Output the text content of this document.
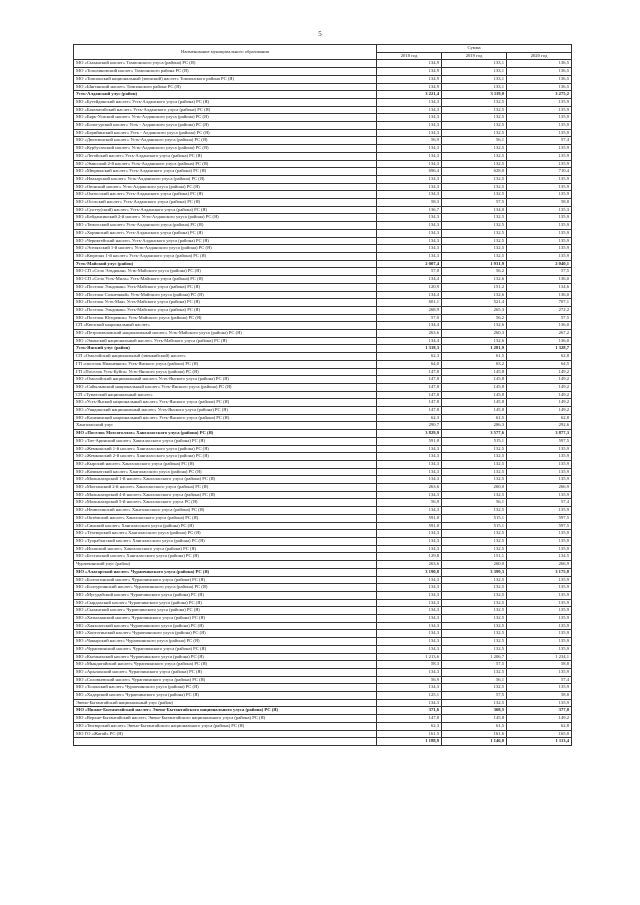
5
Наименование муниципального образования	Сумма		
	2018 год	2019 год	2020 год
МО «Сыланский наслег» Томпонского улуса (района) РС (Я)	134,9	133,1	136,5
МО «Тополиновский наслег» Томпонского района РС (Я)	134,9	133,1	136,5
МО «Томпонский национальный (эвенский) наслег» Томпонского района РС (Я)	134,9	133,1	136,5
МО «Ынгинский наслег» Томпонского района РС (Я)	134,9	133,1	136,5
Усть-Алданский улус (район)	3 221,4	3 119,0	3 275,2
МО «Бутейдинский наслег» Усть-Алданского улуса (района) РС (Я)	134,3	132,5	135,9
МО «Баягантайский наслег» Усть-Алданского улуса (района) РС (Я)	134,3	132,5	135,9
МО «Бяръ-Усиский наслег» Усть-Алданского улуса (района) РС (Я)	134,3	132,5	135,9
МО «Бологурский наслег» Усть - Алданского улуса (района) РС (Я)	134,3	132,5	135,9
МО «Берийинский наслег» Усть - Алданского улуса (района) РС (Я)	134,3	132,5	135,9
МО «Дюпсюнский наслег» Усть-Алданского улуса (района) РС (Я)	56,9	56,1	57,4
МО «Курбусахский наслег» Усть-Алданского улуса (района) РС (Я)	134,3	132,5	135,9
МО «Легойский наслег» Усть-Алданского улуса (района) РС (Я)	134,3	132,5	135,9
МО «Эмисский 2-й наслег» Усть-Алданского улуса (района) РС (Я)	134,3	132,5	135,9
МО «Мюрюнский наслег» Усть-Алданского улуса (района) РС (Я)	696,4	628,0	710,4
МО «Наахарский наслег» Усть-Алданского улуса (района) РС (Я)	134,3	132,5	135,9
МО «Оюнский наслег» Усть-Алданского улуса (района) РС (Я)	134,3	132,5	135,9
МО «Омтосский наслег» Усть-Алданского улуса (района) РС (Я)	134,3	132,5	135,9
МО «Осохский наслег» Усть-Алданского улуса (района) РС (Я)	58,3	57,5	58,8
МО «Суотту(ский) наслег» Усть-Алданского улуса (района) РС (Я)	136,7	134,0	135,3
МО «Бейдангинский 2-й наслег» Усть-Алданского улуса (района) РС (Я)	134,3	132,5	135,9
МО «Тюмэсский наслег» Усть-Алданского улуса (района) РС (Я)	134,3	132,5	135,9
МО «Хоринский наслег» Усть-Алданского улуса (района) РС (Я)	134,3	132,5	135,9
МО «Чериктейский наслег» Усть-Алданского улуса (района) РС (Я)	134,3	132,5	135,9
МО «Эселяхский 1-й наслег» Усть-Алданского улуса (района) РС (Я)	134,3	132,5	135,9
МО «Кюрелях 1-й наслег» Усть-Алданского улуса (района) РС (Я)	134,3	132,5	135,9
Усть-Майский улус (район)	2 007,4	1 931,9	2 040,1
МО СП «Село Эльдикан» Усть-Майского улуса (района) РС (Я)	57,0	56,2	57,5
МО СП «Село Усть-Миль» Усть-Майского улуса (района) РС (Я)	134,4	132,6	136,0
МО «Поселок Эльдикан» Усть-Майского улуса (района) РС (Я)	120,9	151,2	134,6
МО «Поселок Солнечный» Усть-Майского улуса (района) РС (Я)	134,4	132,6	136,0
МО «Поселок Усть-Мая» Усть-Майского улуса (района) РС (Я)	601,1	521,4	707,1
МО «Поселок Эльдикан» Усть-Майского улуса (района) РС (Я)	268,9	265,3	272,2
МО «Поселок Югоренок» Усть-Майского улуса (района) РС (Я)	57,0	56,2	57,5
СП «Кюпский национальный наслег»	134,4	132,6	136,0
МО «Петропавловский национальный наслег» Усть-Майского улуса (района) РС (Я)	263,6	260,3	267,2
МО «Эжанский национальный наслег» Усть-Майского улуса (района) РС (Я)	134,4	132,6	136,0
Усть-Янский улус (район)	1 318,3	1 281,9	1 328,7
СП «Омолойский национальный (эвенкийский) наслег»	62,3	61,5	62,8
ГП «поселок Нижнеянск» Усть-Янского улуса (района) РС (Я)	64,0	63,2	64,5
ГП «Поселок Усть-Куйга» Усть-Янского улуса (района) РС (Я)	147,8	145,8	149,2
МО «Омолойский национальный наслег» Усть-Янского улуса (района) РС (Я)	147,8	145,8	149,2
МО «Сайылыкский национальный наслег» Усть-Янского улуса (района) РС (Я)	147,8	145,8	149,2
СП «Туматский национальный наслег»	147,8	145,8	149,2
МО «Усть-Янский национальный наслег» Усть-Янского улуса (района) РС (Я)	147,8	145,8	149,2
МО «Уяндинский национальный наслег» Усть-Янского улуса (района) РС (Я)	147,8	145,8	149,2
МО «Казачинский национальный наслег» Усть-Янского улуса (района) РС (Я)	62,3	61,5	62,8
Хангаласский улус	290,7	286,3	292,6
МО «Поселок Мохсоголлох» Хангаласского улуса (района) РС (Я)	3 829,9	3 577,6	3 877,3
МО «Тит-Аринский наслег» Хангаласского улуса (района) РС (Я)	591,0	515,1	597,5
МО «Жемконский 1-й наслег» Хангаласского улуса (района) РС (Я)	134,3	132,5	135,9
МО «Жемконский 2-й наслег» Хангаласского улуса (района) РС (Я)	134,3	132,5	135,9
МО «Кырский наслег» Хангаласского улуса (района) РС (Я)	134,3	132,5	135,9
МО «Качикатский наслег» Хангаласского улуса (района) РС (Я)	134,3	132,5	135,9
МО «Мальжагарский 1-й наслег» Хангаласского улуса (района) РС (Я)	134,3	132,5	135,9
МО «Малтанский 2-й наслег» Хангаласского улуса (района) РС (Я)	263,6	260,0	266,9
МО «Мальжагарский 4-й наслег» Хангаласского улуса (района) РС (Я)	134,3	132,5	135,9
МО «Мальжагарский 5-й наслег» Хангаласского улуса РС (Я)	56,9	56,1	57,4
МО «Немюгинский наслег» Хангаласского улуса (района) РС (Я)	134,3	132,5	135,9
МО «Октёмский наслег» Хангаласского улуса (района) РС (Я)	591,0	515,1	597,5
МО «Синский наслег» Хангаласского улуса (района) РС (Я)	591,0	515,1	597,5
МО «Тёхтюрский наслег» Хангаласского улуса (района) РС (Я)	134,3	132,5	135,9
МО «Туорабытский наслег» Хангаласского улуса (района) РС (Я)	134,3	132,5	135,9
МО «Исипский наслег» Хангаласского улуса (района) РС (Я)	134,3	132,5	135,9
МО «Бестяхский наслег» Хангаласского улуса (района) РС (Я)	129,8	151,1	134,5
Чурапчинский улус (район)	263,6	260,0	266,9
МО «Алагарский наслег» Чурапчинского улуса (района) РС (Я)	3 190,8	3 399,3	3 175,8
МО «Болтогинский наслег» Чурапчинского улуса (района) РС (Я)	134,3	132,5	135,9
МО «Болтургинский наслег» Чурапчинского улуса (района) РС (Я)	134,3	132,5	135,9
МО «Мугудайский наслег» Чурапчинского улуса (района) РС (Я)	134,3	132,5	135,9
МО «Сырдахский наслег» Чурапчинского улуса (района) РС (Я)	134,3	132,5	135,9
МО «Сыланский наслег» Чурапчинского улуса (района) РС (Я)	134,3	132,5	135,9
МО «Хатылынский наслег» Чурапчинского улуса (района) РС (Я)	134,3	132,5	135,9
МО «Хаяхсытский наслег» Чурапчинского улуса (района) РС (Я)	134,3	132,5	135,9
МО «Хоптогинский наслег» Чурапчинского улуса (района) РС (Я)	134,3	132,5	135,9
МО «Чакырский наслег» Чурапчинского улуса (района) РС (Я)	134,3	132,5	135,9
МО «Чурапчинский наслег» Чурапчинского улуса (района) РС (Я)	134,3	132,5	135,9
МО «Кытанахский наслег» Чурапчинского улуса (района) РС (Я)	1 213,6	1 206,7	1 234,1
МО «Мындагайский наслег» Чурапчинского улуса (района) РС (Я)	58,3	57,5	58,8
МО «Арылахский наслег» Чурапчинского улуса (района) РС (Я)	134,3	132,5	135,9
МО «Соловьевский наслег» Чурапчинского улуса (района) РС (Я)	56,9	56,1	57,4
МО «Толонский наслег» Чурапчинского улуса (района) РС (Я)	134,3	132,5	135,9
МО «Хадарский наслег» Чурапчинского улуса (района) РС (Я)	125,1	57,5	58,8
Эвено-Бытантайский национальный улус (район)	134,3	132,5	135,9
МО «Нижне-Бытантайский наслег» Эвено-Бытантайского национального улуса (района) РС (Я)	371,6	368,5	377,0
МО «Верхне-Бытантайский наслег» Эвено-Бытантайского национального улуса (района) РС (Я)	147,8	145,8	149,2
МО «Тюгюрский наслег» Эвено-Бытантайского национального улуса (района) РС (Я)	62,3	61,5	62,8
МО ГО «Жатай» РС (Я)	161,5	161,6	165,0
	1 188,9	1 146,0	1 113,4
